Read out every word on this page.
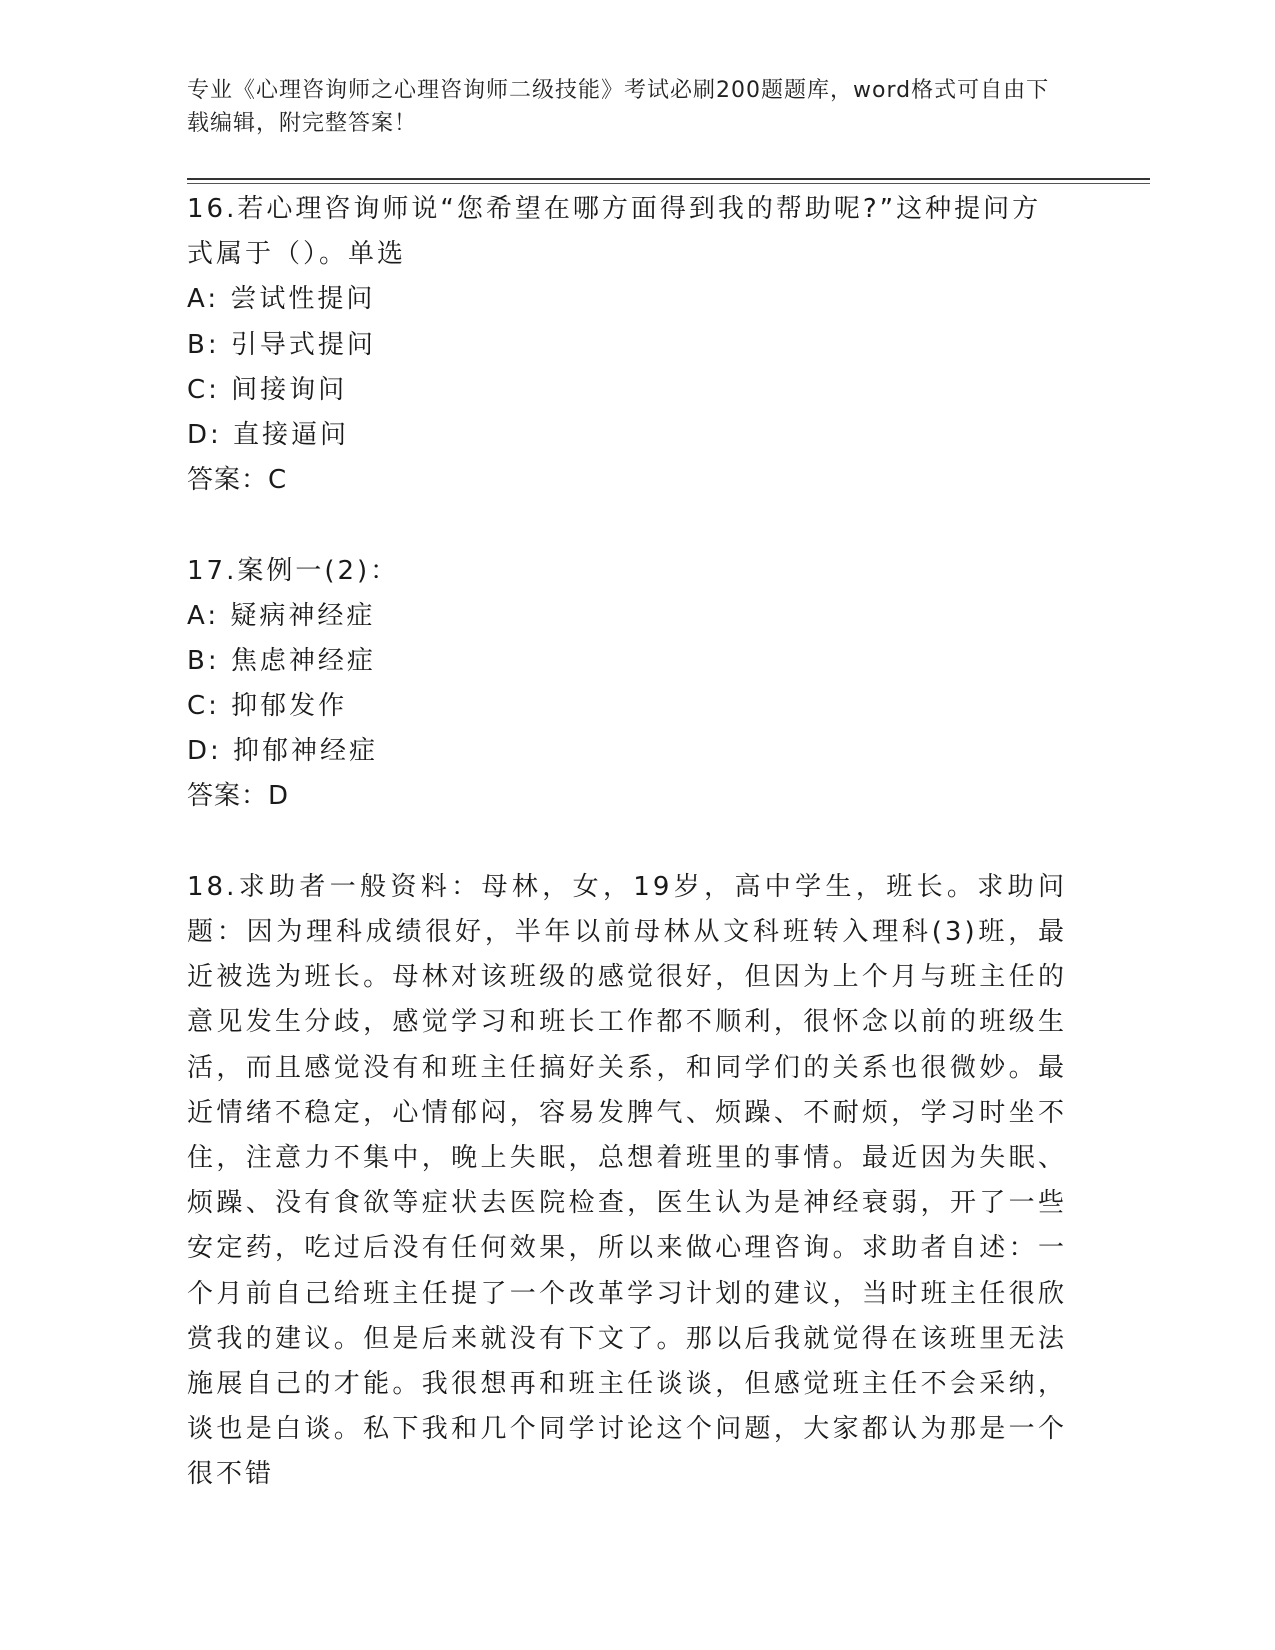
专业《心理咨询师之心理咨询师二级技能》考试必刷200题题库，word格式可自由下载编辑，附完整答案！
16.若心理咨询师说“您希望在哪方面得到我的帮助呢?”这种提问方式属于（）。单选
A: 尝试性提问
B: 引导式提问
C: 间接询问
D: 直接逼问
答案：C
17.案例一(2)：
A: 疑病神经症
B: 焦虑神经症
C: 抑郁发作
D: 抑郁神经症
答案：D
18.求助者一般资料：母林，女，19岁，高中学生，班长。求助问题：因为理科成绩很好，半年以前母林从文科班转入理科(3)班，最近被选为班长。母林对该班级的感觉很好，但因为上个月与班主任的意见发生分歧，感觉学习和班长工作都不顺利，很怀念以前的班级生活，而且感觉没有和班主任搞好关系，和同学们的关系也很微妙。最近情绪不稳定，心情郁闷，容易发脾气、烦躁、不耐烦，学习时坐不住，注意力不集中，晚上失眠，总想着班里的事情。最近因为失眠、烦躁、没有食欲等症状去医院检查，医生认为是神经衰弱，开了一些安定药，吃过后没有任何效果，所以来做心理咨询。求助者自述：一个月前自己给班主任提了一个改革学习计划的建议，当时班主任很欣赏我的建议。但是后来就没有下文了。那以后我就觉得在该班里无法施展自己的才能。我很想再和班主任谈谈，但感觉班主任不会采纳，谈也是白谈。私下我和几个同学讨论这个问题，大家都认为那是一个很不错
